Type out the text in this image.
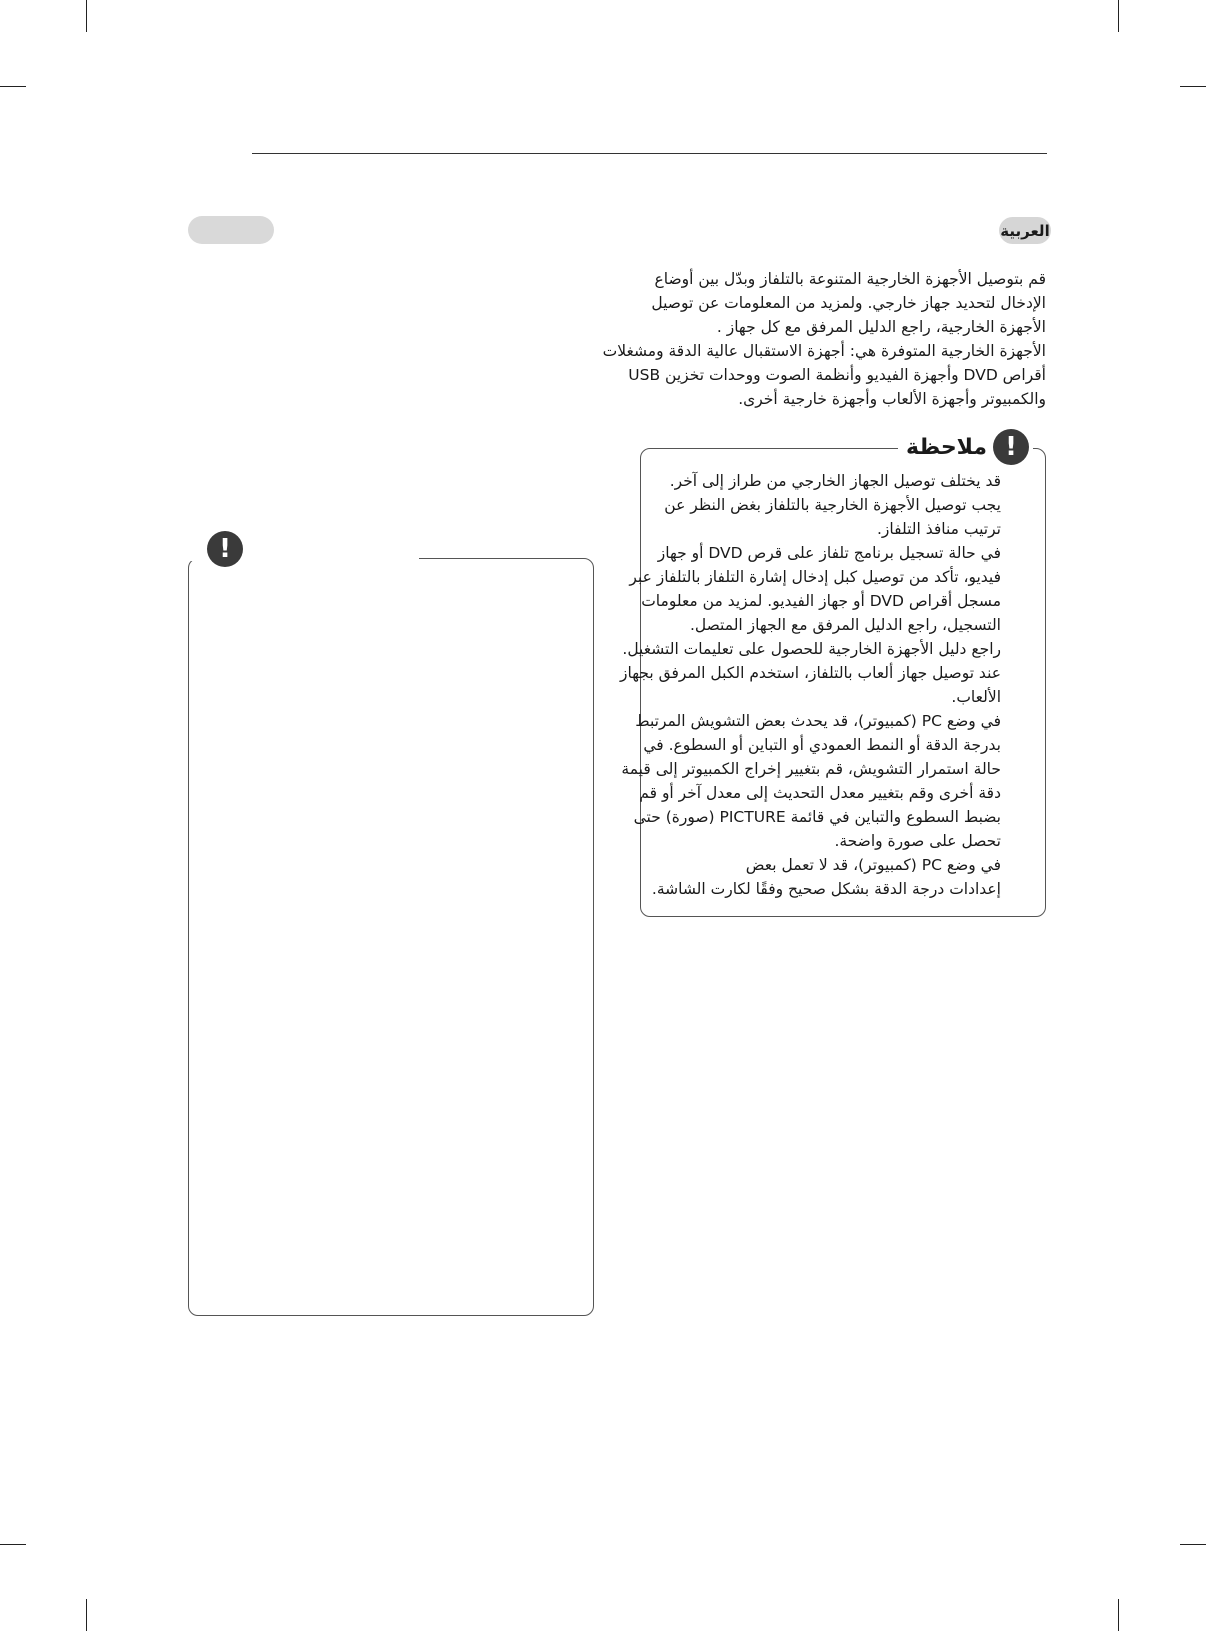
العربية

قم بتوصيل الأجهزة الخارجية المتنوعة بالتلفاز وبدّل بين أوضاع

الإدخال لتحديد جهاز خارجي. ولمزيد من المعلومات عن توصيل

الأجهزة الخارجية، راجع الدليل المرفق مع كل جهاز .

الأجهزة الخارجية المتوفرة هي: أجهزة الاستقبال عالية الدقة ومشغلات

أقراص DVD وأجهزة الفيديو وأنظمة الصوت ووحدات تخزين USB

والكمبيوتر وأجهزة الألعاب وأجهزة خارجية أخرى.

!
ملاحظة

قد يختلف توصيل الجهاز الخارجي من طراز إلى آخر.

يجب توصيل الأجهزة الخارجية بالتلفاز بغض النظر عن

ترتيب منافذ التلفاز.

في حالة تسجيل برنامج تلفاز على قرص DVD أو جهاز

فيديو، تأكد من توصيل كبل إدخال إشارة التلفاز بالتلفاز عبر

مسجل أقراص DVD أو جهاز الفيديو. لمزيد من معلومات

التسجيل، راجع الدليل المرفق مع الجهاز المتصل.

راجع دليل الأجهزة الخارجية للحصول على تعليمات التشغيل.

عند توصيل جهاز ألعاب بالتلفاز، استخدم الكبل المرفق بجهاز

الألعاب.

في وضع PC (كمبيوتر)، قد يحدث بعض التشويش المرتبط

بدرجة الدقة أو النمط العمودي أو التباين أو السطوع. في

حالة استمرار التشويش، قم بتغيير إخراج الكمبيوتر إلى قيمة

دقة أخرى وقم بتغيير معدل التحديث إلى معدل آخر أو قم

بضبط السطوع والتباين في قائمة PICTURE (صورة) حتى

تحصل على صورة واضحة.

في وضع PC (كمبيوتر)، قد لا تعمل بعض

إعدادات درجة الدقة بشكل صحيح وفقًا لكارت الشاشة.

!
